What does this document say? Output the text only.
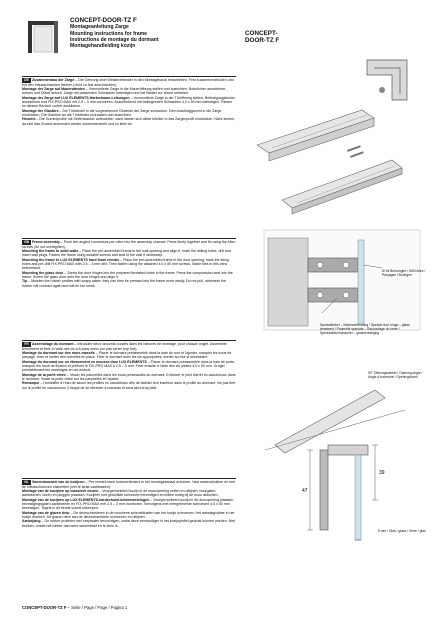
CONCEPT-DOOR-TZ F
Montageanleitung Zarge
Mounting instructions for frame
Instructions de montage du dormant
Montagehandleiding kozijn
CONCEPT-
DOOR-TZ F

DE Zusammenbau der Zarge – Die Gehrung zwei Winkelverbinder in den Montagekanal einschieben. Fest zusammendrücken und mit den Inbusschrauben fixieren (nicht zu fest anschrauben).
Montage der Zarge auf Mauerwänden – Vormontierte Zarge in die Maueröffnung stellen und ausrichten, Bohrlöcher anzeichnen, bohren und Dübel setzen. Zarge mit passenden Schrauben befestigen und bei Bedarf zur Wand verkeilen.
Montage der Zarge auf LUX ELEMENTS-Hartschaum-Leibungen – Vormontierte Zarge in der Türöffnung stellen, Befestigungslöcher anzeichnen und FIX-PRO MAX mit 2,5 – 3 mm vorbohren. Anschließend mit beiliegenden Schrauben 4,0 x 50 mm befestigen. Fliesen im diesem Bereich vorher ausklinken.
Montage der Glastüre – Die Türbänder in die vorgesehenen Gewinde der Zarge schrauben. Den Anschlaggummi in die Zarge eindrücken. Die Glastüre an die Türbänder schrauben und ausrichten.
Hinweis – Die Gummiprofile mit Seifenwasser anfeuchten, dann lassen sich diese leichter in das Zargenprofil eindrücken. Nicht ziehen, da sich das Gummi ansonsten wieder zusammenzieht und zu klein ist.

GB Frame assembly – Push two angled connectors per mitre into the assembly channel. Press firmly together and fix using the Allen screws (do not overtighten).
Mounting the frame to solid walls – Place the pre-assembled frame in the wall opening and align it, mark the drilling holes, drill and insert wall plugs. Fasten the frame using suitable screws and seal to the wall if necessary.
Mounting the frame to LUX ELEMENTS hard foam reveals – Place the pre-assembled frame in the door opening, mark the fixing holes and pre-drill FIX-PRO MAX with 2.5 – 3 mm drill. Then fasten using the attached 4.0 x 50 mm screws. Notch tiles in this area beforehand.
Mounting the glass door – Screw the door hinges into the prepared threaded holes in the frame. Press the compression seal into the frame. Screw the glass door onto the door hinges and align it.
Tip – Moisten the rubber profiles with soapy water; they can then be pressed into the frame more easily. Do not pull, otherwise the rubber will contract again and will be too small.

FR Assemblage du dormant – Introduire deux raccords coudés dans les rainures de montage, pour chaque onglet. Assembler fermement et fixer à l'aide des vis à 6 pans creux (ne pas serrer trop fort).
Montage du dormant sur des murs massifs – Placer le dormant préassemblé dans la baie du mur et l'ajuster, marquer les trous de perçage, forer et mettre des chevilles en place. Fixer le dormant avec les vis appropriées, sceller au mur si nécessaire.
Montage du dormant sur un ébrasement en mousse dure LUX ELEMENTS – Placer le dormant préassemblé dans la baie de porte, marquer les trous de fixation et préforer le FIX-PRO MAX à 2,5 – 3 mm. Fixer ensuite à l'aide des vis jointes 4,0 x 50 mm. Gruger préalablement les carrelages en cet endroit.
Montage de la porte vitrée – Visser les paumelles dans les trous prétaraudés du dormant. Enfoncer le joint d'arrêt en caoutchouc dans le dormant. Visser la porte vitrée sur les paumelles et l'ajuster.
Remarque – Humidifier à l'eau de savon les profilés en caoutchouc afin de faciliter leur insertion dans le profilé du dormant. Ne pas tirer sur le profilé en caoutchouc, il risque de se rétracter à nouveau et sera alors trop petit.

NL Samenbouwen van de kozijnen – Per verstek twee hoekverbinders in het montagekanaal schuiven. Vast samendrukken en met de inbusschroeven vastzetten (niet te strak vastdraaien).
Montage van de kozijnen op massieve muren – Voorgemonteerd kozijn in de muuropening zetten en uitlijnen, boorgaten aantekenen, boren en pluggen plaatsen. Kozijnen met geschikte schroeven bevestigen en indien nodig bij de muur afdichten.
Montage van de kozijnen op LUX ELEMENTS-hardschuim-binnenwelvingen – Voorgemonteerd kozijn in de deuropening plaatsen, bevestigingsgaten aantekenen en FIX-PRO MAX met 2,5 – 3 mm voorboren. Vervolgens met meegeleverde schroeven 4,0 x 50 mm bevestigen. Tegels in dit bereik vooraf uitkeepen.
Montage van de glazen deur – De deurscharnieren in de voorziene schroefdraden van het kozijn schroeven. Het aanslagrubber in het kozijn drukken. De glazen deur aan de deurscharnieren schroeven en uitlijnen.
Aanwijzing – De rubber profielen met zeepwater bevochtigen, zodat deze eenvoudiger in het kozijnprofiel gedrukt kunnen worden. Niet trekken, omdat het rubber dan weer samentrekt en te klein is.

Ø 16 Bohrungen / Drill holes / Perçages / Boringen
Spezialkleber – Klebeverbindung / Special door hinge – glass treatment / Paumelle spéciale – Raccordage du verre / Speciaaldeurscharnier – glasbevestiging
47
39
90° Öffnungswinkel / Opening angle / Angle d'ouverture / Openingshoek
8 mm / Glas / glass / Verre / glas
CONCEPT-DOOR-TZ F – Seite / Page / Page / Pagina 1
